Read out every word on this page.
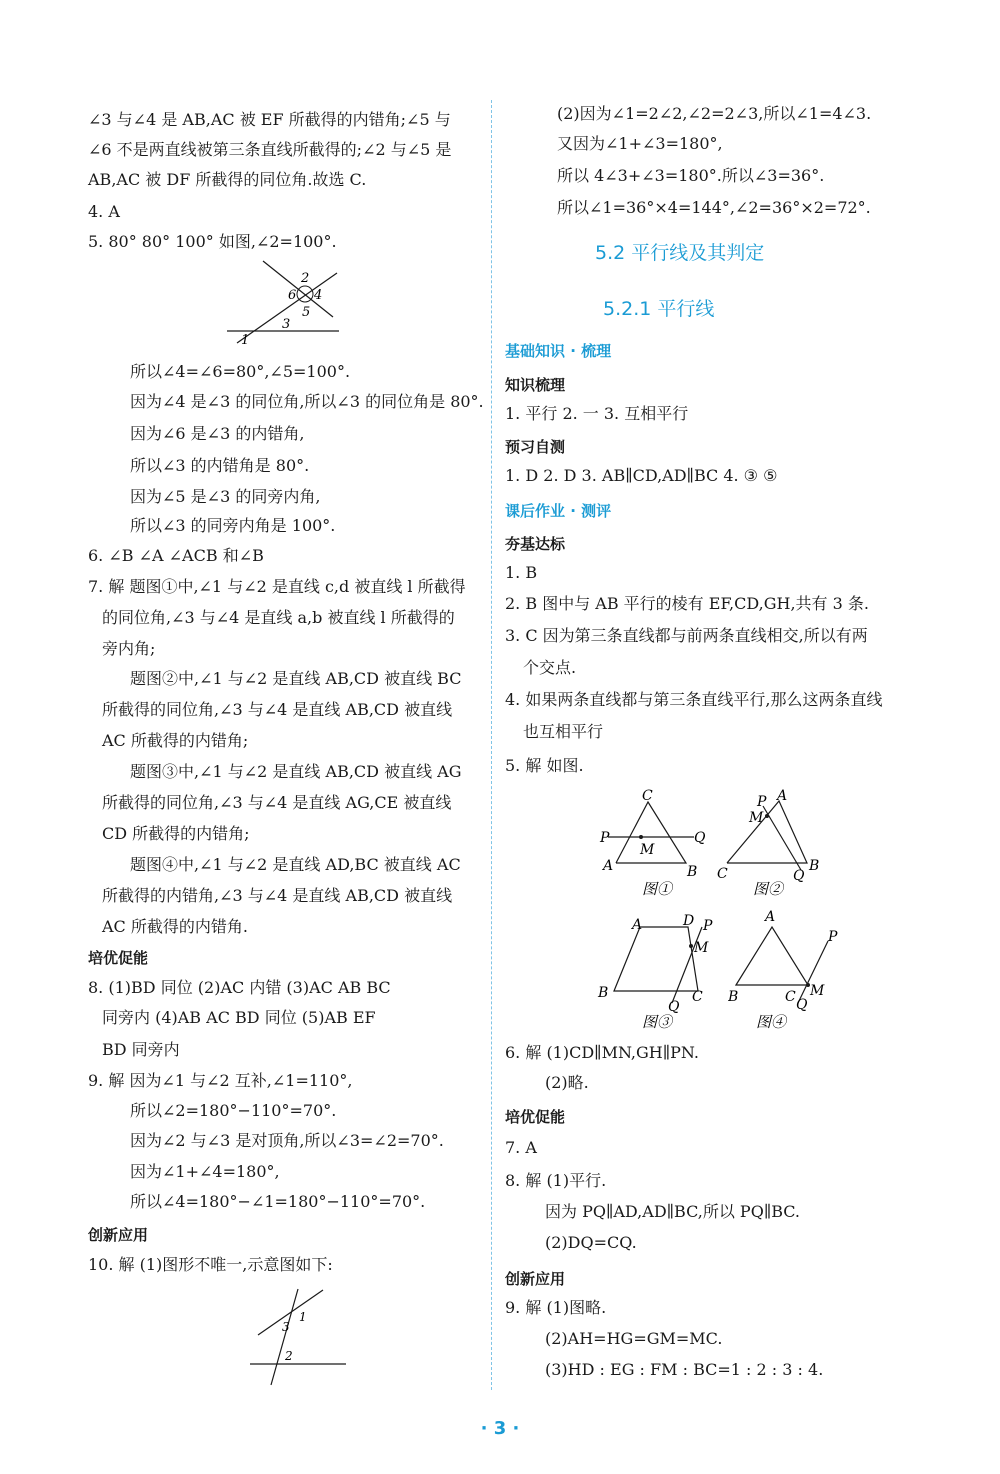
∠3 与∠4 是 AB,AC 被 EF 所截得的内错角;∠5 与
∠6 不是两直线被第三条直线所截得的;∠2 与∠5 是
AB,AC 被 DF 所截得的同位角.故选 C.
4. A
5. 80° 80° 100° 如图,∠2=100°.
所以∠4=∠6=80°,∠5=100°.
因为∠4 是∠3 的同位角,所以∠3 的同位角是 80°.
因为∠6 是∠3 的内错角,
所以∠3 的内错角是 80°.
因为∠5 是∠3 的同旁内角,
所以∠3 的同旁内角是 100°.
6. ∠B ∠A ∠ACB 和∠B
7. 解 题图①中,∠1 与∠2 是直线 c,d 被直线 l 所截得
的同位角,∠3 与∠4 是直线 a,b 被直线 l 所截得的
旁内角;
题图②中,∠1 与∠2 是直线 AB,CD 被直线 BC
所截得的同位角,∠3 与∠4 是直线 AB,CD 被直线
AC 所截得的内错角;
题图③中,∠1 与∠2 是直线 AB,CD 被直线 AG
所截得的同位角,∠3 与∠4 是直线 AG,CE 被直线
CD 所截得的内错角;
题图④中,∠1 与∠2 是直线 AD,BC 被直线 AC
所截得的内错角,∠3 与∠4 是直线 AB,CD 被直线
AC 所截得的内错角.
8. (1)BD 同位 (2)AC 内错 (3)AC AB BC
同旁内 (4)AB AC BD 同位 (5)AB EF
BD 同旁内
9. 解 因为∠1 与∠2 互补,∠1=110°,
所以∠2=180°−110°=70°.
因为∠2 与∠3 是对顶角,所以∠3=∠2=70°.
因为∠1+∠4=180°,
所以∠4=180°−∠1=180°−110°=70°.
10. 解 (1)图形不唯一,示意图如下:
培优促能
创新应用
5.2 平行线及其判定
5.2.1 平行线
(2)因为∠1=2∠2,∠2=2∠3,所以∠1=4∠3.
又因为∠1+∠3=180°,
所以 4∠3+∠3=180°.所以∠3=36°.
所以∠1=36°×4=144°,∠2=36°×2=72°.
1. 平行 2. 一 3. 互相平行
1. D 2. D 3. AB∥CD,AD∥BC 4. ③ ⑤
1. B
2. B 图中与 AB 平行的棱有 EF,CD,GH,共有 3 条.
3. C 因为第三条直线都与前两条直线相交,所以有两
个交点.
4. 如果两条直线都与第三条直线平行,那么这两条直线
也互相平行
5. 解 如图.
6. 解 (1)CD∥MN,GH∥PN.
(2)略.
7. A
8. 解 (1)平行.
因为 PQ∥AD,AD∥BC,所以 PQ∥BC.
(2)DQ=CQ.
9. 解 (1)图略.
(2)AH=HG=GM=MC.
(3)HD : EG : FM : BC=1 : 2 : 3 : 4.
知识梳理
预习自测
夯基达标
培优促能
创新应用
基础知识 · 梳理
课后作业 · 测评
2
4
6
5
3
1
1
3
2
C
P	Q
M
A	B
图①
A
P
M
C	B
Q
图②
A	D P
M
B	C
Q
图③
A
P
M
B	C Q
图④
· 3 ·
